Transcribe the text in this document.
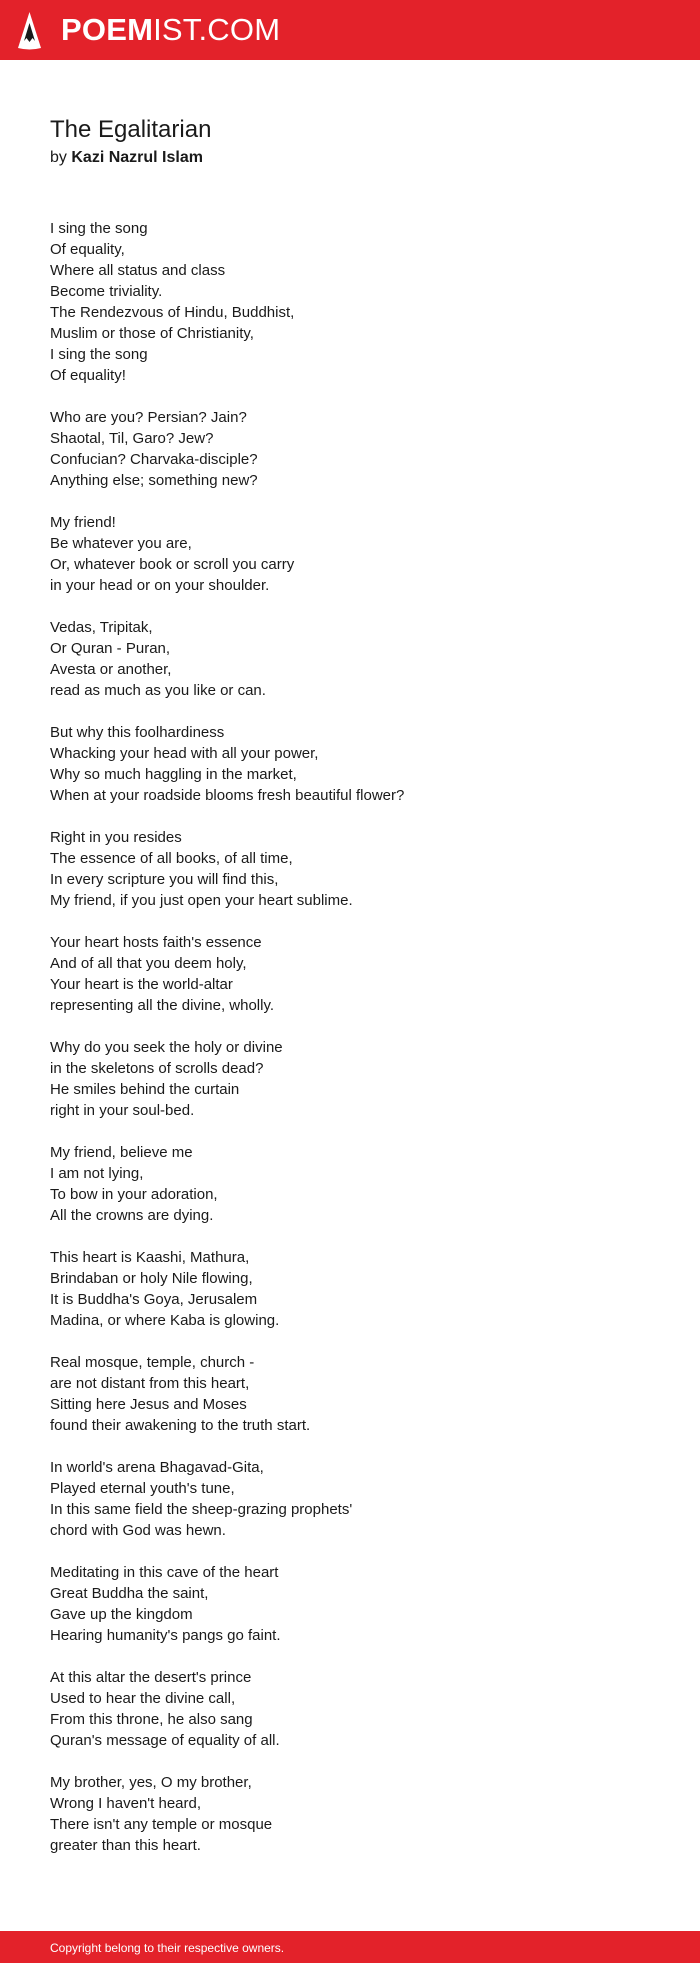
POEMIST.COM
The Egalitarian
by Kazi Nazrul Islam

I sing the song
Of equality,
Where all status and class
Become triviality.
The Rendezvous of Hindu, Buddhist,
Muslim or those of Christianity,
I sing the song
Of equality!

Who are you? Persian? Jain?
Shaotal, Til, Garo? Jew?
Confucian? Charvaka-disciple?
Anything else; something new?

My friend!
Be whatever you are,
Or, whatever book or scroll you carry
in your head or on your shoulder.

Vedas, Tripitak,
Or Quran - Puran,
Avesta or another,
read as much as you like or can.

But why this foolhardiness
Whacking your head with all your power,
Why so much haggling in the market,
When at your roadside blooms fresh beautiful flower?

Right in you resides
The essence of all books, of all time,
In every scripture you will find this,
My friend, if you just open your heart sublime.

Your heart hosts faith's essence
And of all that you deem holy,
Your heart is the world-altar
representing all the divine, wholly.

Why do you seek the holy or divine
in the skeletons of scrolls dead?
He smiles behind the curtain
right in your soul-bed.

My friend, believe me
I am not lying,
To bow in your adoration,
All the crowns are dying.

This heart is Kaashi, Mathura,
Brindaban or holy Nile flowing,
It is Buddha's Goya, Jerusalem
Madina, or where Kaba is glowing.

Real mosque, temple, church -
are not distant from this heart,
Sitting here Jesus and Moses
found their awakening to the truth start.

In world's arena Bhagavad-Gita,
Played eternal youth's tune,
In this same field the sheep-grazing prophets'
chord with God was hewn.

Meditating in this cave of the heart
Great Buddha the saint,
Gave up the kingdom
Hearing humanity's pangs go faint.

At this altar the desert's prince
Used to hear the divine call,
From this throne, he also sang
Quran's message of equality of all.

My brother, yes, O my brother,
Wrong I haven't heard,
There isn't any temple or mosque
greater than this heart.

Copyright belong to their respective owners.
